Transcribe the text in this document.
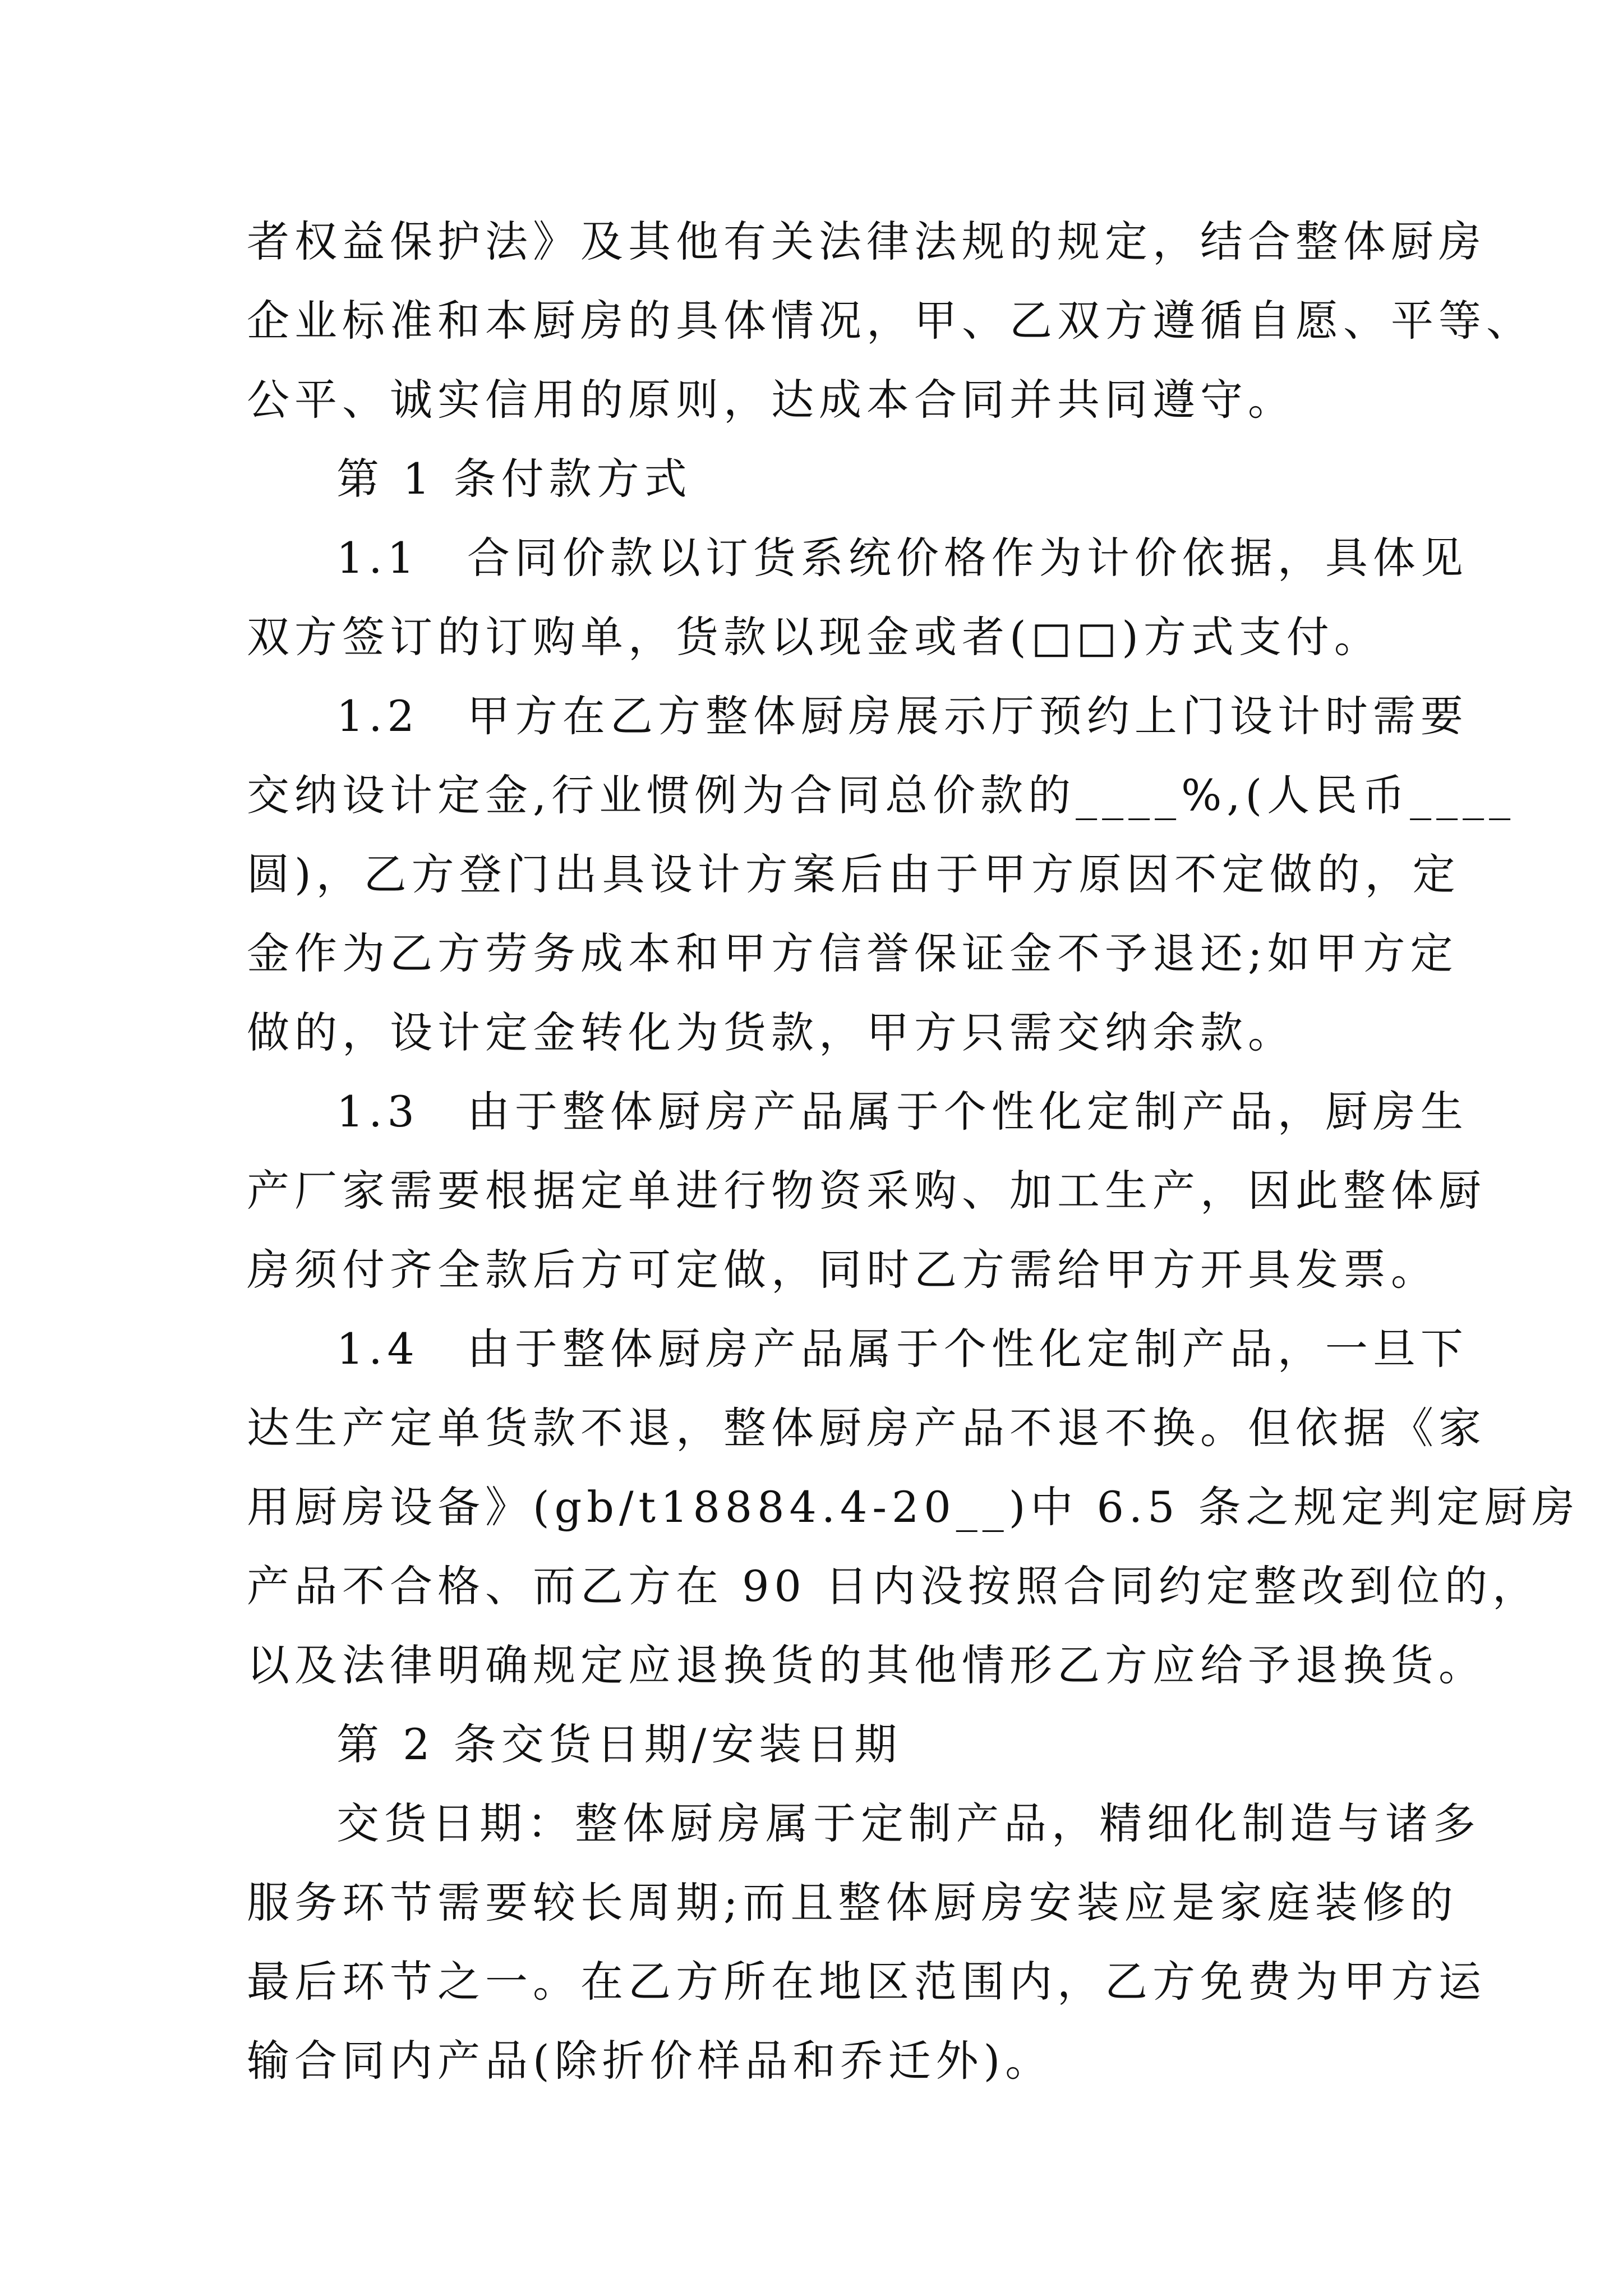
者权益保护法》及其他有关法律法规的规定，结合整体厨房
企业标准和本厨房的具体情况，甲、乙双方遵循自愿、平等、
公平、诚实信用的原则，达成本合同并共同遵守。
第 1 条付款方式
1.1　合同价款以订货系统价格作为计价依据，具体见
双方签订的订购单，货款以现金或者(□□)方式支付。
1.2　甲方在乙方整体厨房展示厅预约上门设计时需要
交纳设计定金,行业惯例为合同总价款的____%,(人民币____
圆)，乙方登门出具设计方案后由于甲方原因不定做的，定
金作为乙方劳务成本和甲方信誉保证金不予退还;如甲方定
做的，设计定金转化为货款，甲方只需交纳余款。
1.3　由于整体厨房产品属于个性化定制产品，厨房生
产厂家需要根据定单进行物资采购、加工生产，因此整体厨
房须付齐全款后方可定做，同时乙方需给甲方开具发票。
1.4　由于整体厨房产品属于个性化定制产品，一旦下
达生产定单货款不退，整体厨房产品不退不换。但依据《家
用厨房设备》(gb/t18884.4-20__)中 6.5 条之规定判定厨房
产品不合格、而乙方在 90 日内没按照合同约定整改到位的，
以及法律明确规定应退换货的其他情形乙方应给予退换货。
第 2 条交货日期/安装日期
交货日期：整体厨房属于定制产品，精细化制造与诸多
服务环节需要较长周期;而且整体厨房安装应是家庭装修的
最后环节之一。在乙方所在地区范围内，乙方免费为甲方运
输合同内产品(除折价样品和乔迁外)。
